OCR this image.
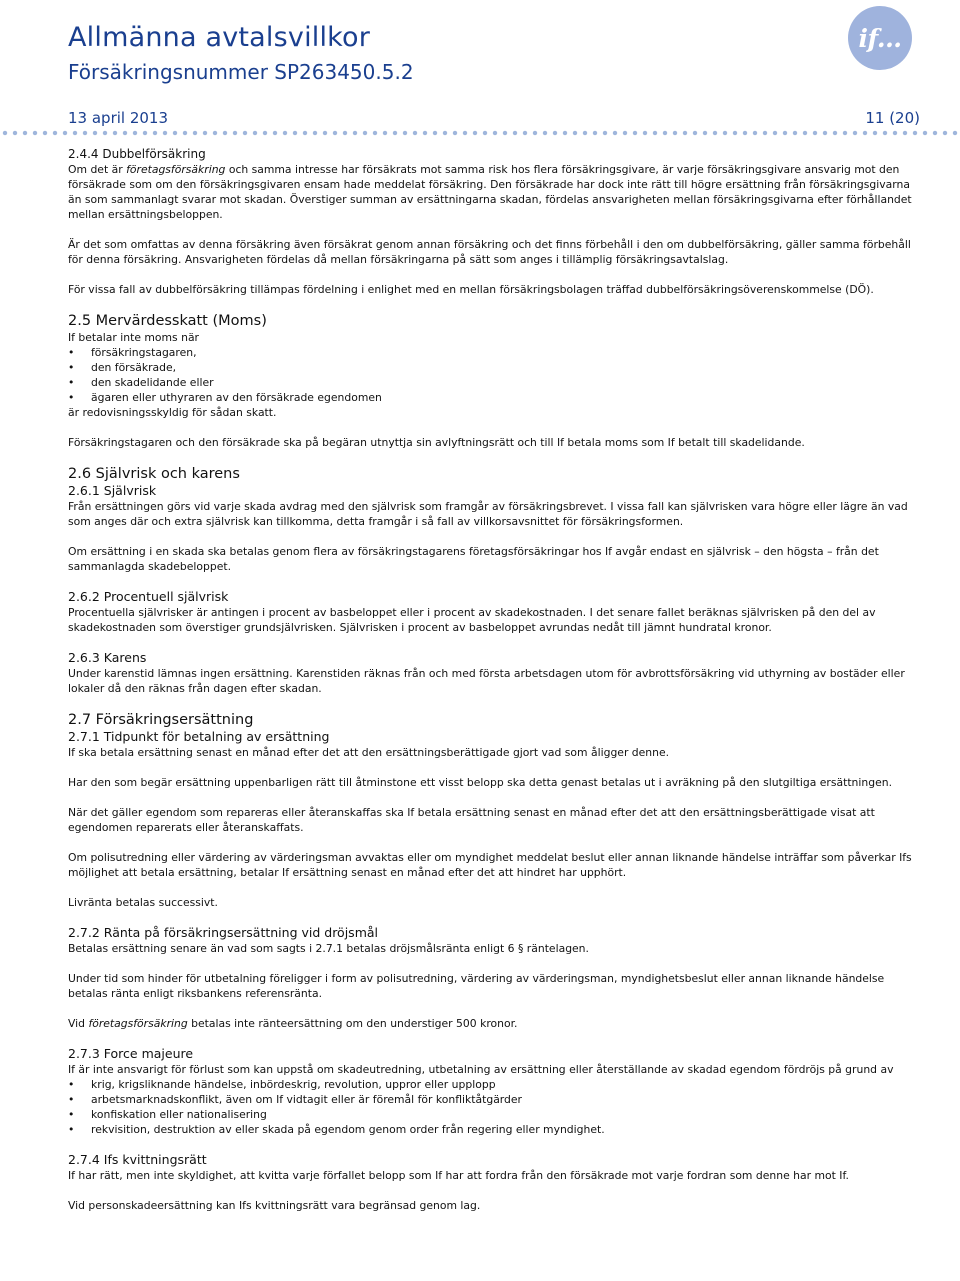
Allmänna avtalsvillkor
Försäkringsnummer SP263450.5.2
13 april 2013	11 (20)
if...

2.4.4 Dubbelförsäkring

Om det är företagsförsäkring och samma intresse har försäkrats mot samma risk hos flera försäkringsgivare, är varje försäkringsgivare ansvarig mot den försäkrade som om den försäkringsgivaren ensam hade meddelat försäkring. Den försäkrade har dock inte rätt till högre ersättning från försäkringsgivarna än som sammanlagt svarar mot skadan. Överstiger summan av ersättningarna skadan, fördelas ansvarigheten mellan försäkringsgivarna efter förhållandet mellan ersättningsbeloppen.

Är det som omfattas av denna försäkring även försäkrat genom annan försäkring och det finns förbehåll i den om dubbelförsäkring, gäller samma förbehåll för denna försäkring. Ansvarigheten fördelas då mellan försäkringarna på sätt som anges i tillämplig försäkringsavtalslag.

För vissa fall av dubbelförsäkring tillämpas fördelning i enlighet med en mellan försäkringsbolagen träffad dubbelförsäkringsöverenskommelse (DÖ).

2.5 Mervärdesskatt (Moms)

If betalar inte moms när

• försäkringstagaren,
• den försäkrade,
• den skadelidande eller
• ägaren eller uthyraren av den försäkrade egendomen

är redovisningsskyldig för sådan skatt.

Försäkringstagaren och den försäkrade ska på begäran utnyttja sin avlyftningsrätt och till If betala moms som If betalt till skadelidande.

2.6 Självrisk och karens

2.6.1 Självrisk

Från ersättningen görs vid varje skada avdrag med den självrisk som framgår av försäkringsbrevet. I vissa fall kan självrisken vara högre eller lägre än vad som anges där och extra självrisk kan tillkomma, detta framgår i så fall av villkorsavsnittet för försäkringsformen.

Om ersättning i en skada ska betalas genom flera av försäkringstagarens företagsförsäkringar hos If avgår endast en självrisk – den högsta – från det sammanlagda skadebeloppet.

2.6.2 Procentuell självrisk

Procentuella självrisker är antingen i procent av basbeloppet eller i procent av skadekostnaden. I det senare fallet beräknas självrisken på den del av skadekostnaden som överstiger grundsjälvrisken. Självrisken i procent av basbeloppet avrundas nedåt till jämnt hundratal kronor.

2.6.3 Karens

Under karenstid lämnas ingen ersättning. Karenstiden räknas från och med första arbetsdagen utom för avbrottsförsäkring vid uthyrning av bostäder eller lokaler då den räknas från dagen efter skadan.

2.7 Försäkringsersättning

2.7.1 Tidpunkt för betalning av ersättning

If ska betala ersättning senast en månad efter det att den ersättningsberättigade gjort vad som åligger denne.

Har den som begär ersättning uppenbarligen rätt till åtminstone ett visst belopp ska detta genast betalas ut i avräkning på den slutgiltiga ersättningen.

När det gäller egendom som repareras eller återanskaffas ska If betala ersättning senast en månad efter det att den ersättningsberättigade visat att egendomen reparerats eller återanskaffats.

Om polisutredning eller värdering av värderingsman avvaktas eller om myndighet meddelat beslut eller annan liknande händelse inträffar som påverkar Ifs möjlighet att betala ersättning, betalar If ersättning senast en månad efter det att hindret har upphört.

Livränta betalas successivt.

2.7.2 Ränta på försäkringsersättning vid dröjsmål

Betalas ersättning senare än vad som sagts i 2.7.1 betalas dröjsmålsränta enligt 6 § räntelagen.

Under tid som hinder för utbetalning föreligger i form av polisutredning, värdering av värderingsman, myndighetsbeslut eller annan liknande händelse betalas ränta enligt riksbankens referensränta.

Vid företagsförsäkring betalas inte ränteersättning om den understiger 500 kronor.

2.7.3 Force majeure

If är inte ansvarigt för förlust som kan uppstå om skadeutredning, utbetalning av ersättning eller återställande av skadad egendom fördröjs på grund av

• krig, krigsliknande händelse, inbördeskrig, revolution, uppror eller upplopp
• arbetsmarknadskonflikt, även om If vidtagit eller är föremål för konfliktåtgärder
• konfiskation eller nationalisering
• rekvisition, destruktion av eller skada på egendom genom order från regering eller myndighet.

2.7.4 Ifs kvittningsrätt

If har rätt, men inte skyldighet, att kvitta varje förfallet belopp som If har att fordra från den försäkrade mot varje fordran som denne har mot If.

Vid personskadeersättning kan Ifs kvittningsrätt vara begränsad genom lag.
